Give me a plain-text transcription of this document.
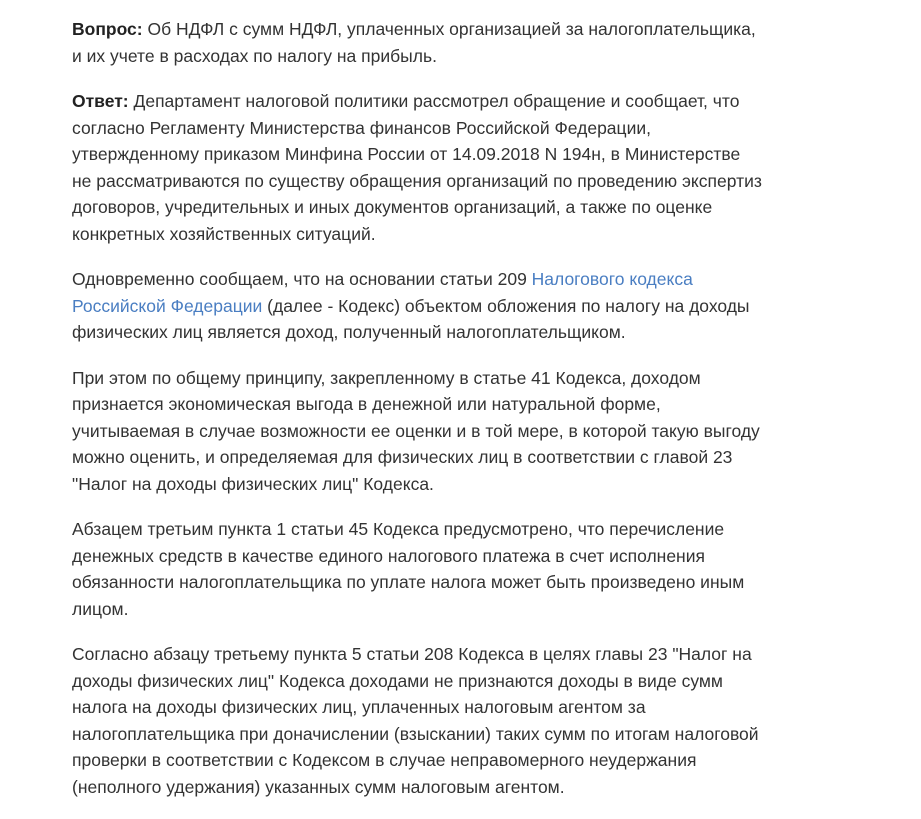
Вопрос: Об НДФЛ с сумм НДФЛ, уплаченных организацией за налогоплательщика, и их учете в расходах по налогу на прибыль.

Ответ: Департамент налоговой политики рассмотрел обращение и сообщает, что согласно Регламенту Министерства финансов Российской Федерации, утвержденному приказом Минфина России от 14.09.2018 N 194н, в Министерстве не рассматриваются по существу обращения организаций по проведению экспертиз договоров, учредительных и иных документов организаций, а также по оценке конкретных хозяйственных ситуаций.

Одновременно сообщаем, что на основании статьи 209 Налогового кодекса Российской Федерации (далее - Кодекс) объектом обложения по налогу на доходы физических лиц является доход, полученный налогоплательщиком.

При этом по общему принципу, закрепленному в статье 41 Кодекса, доходом признается экономическая выгода в денежной или натуральной форме, учитываемая в случае возможности ее оценки и в той мере, в которой такую выгоду можно оценить, и определяемая для физических лиц в соответствии с главой 23 "Налог на доходы физических лиц" Кодекса.

Абзацем третьим пункта 1 статьи 45 Кодекса предусмотрено, что перечисление денежных средств в качестве единого налогового платежа в счет исполнения обязанности налогоплательщика по уплате налога может быть произведено иным лицом.

Согласно абзацу третьему пункта 5 статьи 208 Кодекса в целях главы 23 "Налог на доходы физических лиц" Кодекса доходами не признаются доходы в виде сумм налога на доходы физических лиц, уплаченных налоговым агентом за налогоплательщика при доначислении (взыскании) таких сумм по итогам налоговой проверки в соответствии с Кодексом в случае неправомерного неудержания (неполного удержания) указанных сумм налоговым агентом.
